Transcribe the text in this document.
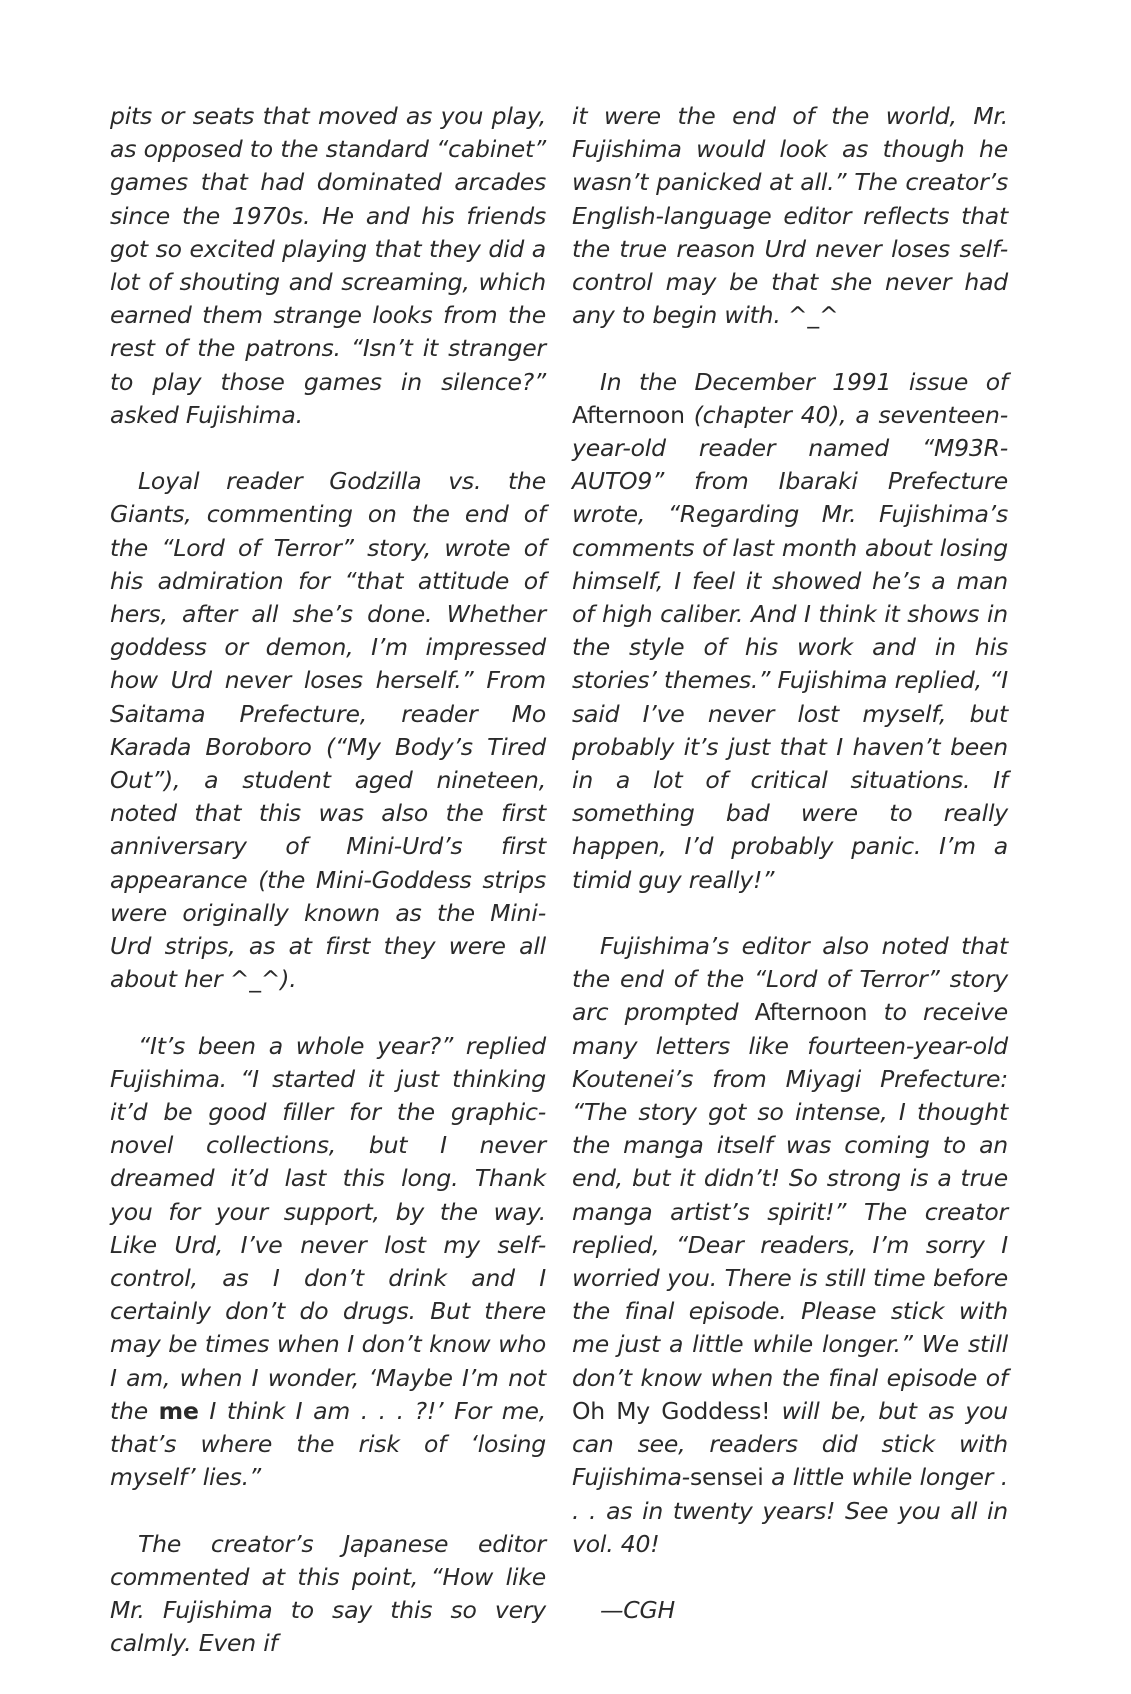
pits or seats that moved as you play, as opposed to the standard “cabinet” games that had dominated arcades since the 1970s. He and his friends got so excited playing that they did a lot of shouting and screaming, which earned them strange looks from the rest of the patrons. “Isn’t it stranger to play those games in silence?” asked Fujishima.

Loyal reader Godzilla vs. the Giants, commenting on the end of the “Lord of Terror” story, wrote of his admiration for “that attitude of hers, after all she’s done. Whether goddess or demon, I’m impressed how Urd never loses herself.” From Saitama Prefecture, reader Mo Karada Boroboro (“My Body’s Tired Out”), a student aged nineteen, noted that this was also the first anniversary of Mini-Urd’s first appearance (the Mini-Goddess strips were originally known as the Mini-Urd strips, as at first they were all about her ^_^).

“It’s been a whole year?” replied Fujishima. “I started it just thinking it’d be good filler for the graphic-novel collections, but I never dreamed it’d last this long. Thank you for your support, by the way. Like Urd, I’ve never lost my self-control, as I don’t drink and I certainly don’t do drugs. But there may be times when I don’t know who I am, when I wonder, ‘Maybe I’m not the me I think I am . . . ?!’ For me, that’s where the risk of ‘losing myself’ lies.”

The creator’s Japanese editor commented at this point, “How like Mr. Fujishima to say this so very calmly. Even if

it were the end of the world, Mr. Fujishima would look as though he wasn’t panicked at all.” The creator’s English-language editor reflects that the true reason Urd never loses self-control may be that she never had any to begin with. ^_^

In the December 1991 issue of Afternoon (chapter 40), a seventeen-year-old reader named “M93R-AUTO9” from Ibaraki Prefecture wrote, “Regarding Mr. Fujishima’s comments of last month about losing himself, I feel it showed he’s a man of high caliber. And I think it shows in the style of his work and in his stories’ themes.” Fujishima replied, “I said I’ve never lost myself, but probably it’s just that I haven’t been in a lot of critical situations. If something bad were to really happen, I’d probably panic. I’m a timid guy really!”

Fujishima’s editor also noted that the end of the “Lord of Terror” story arc prompted Afternoon to receive many letters like fourteen-year-old Koutenei’s from Miyagi Prefecture: “The story got so intense, I thought the manga itself was coming to an end, but it didn’t! So strong is a true manga artist’s spirit!” The creator replied, “Dear readers, I’m sorry I worried you. There is still time before the final episode. Please stick with me just a little while longer.” We still don’t know when the final episode of Oh My Goddess! will be, but as you can see, readers did stick with Fujishima-sensei a little while longer . . . as in twenty years! See you all in vol. 40!

—CGH
